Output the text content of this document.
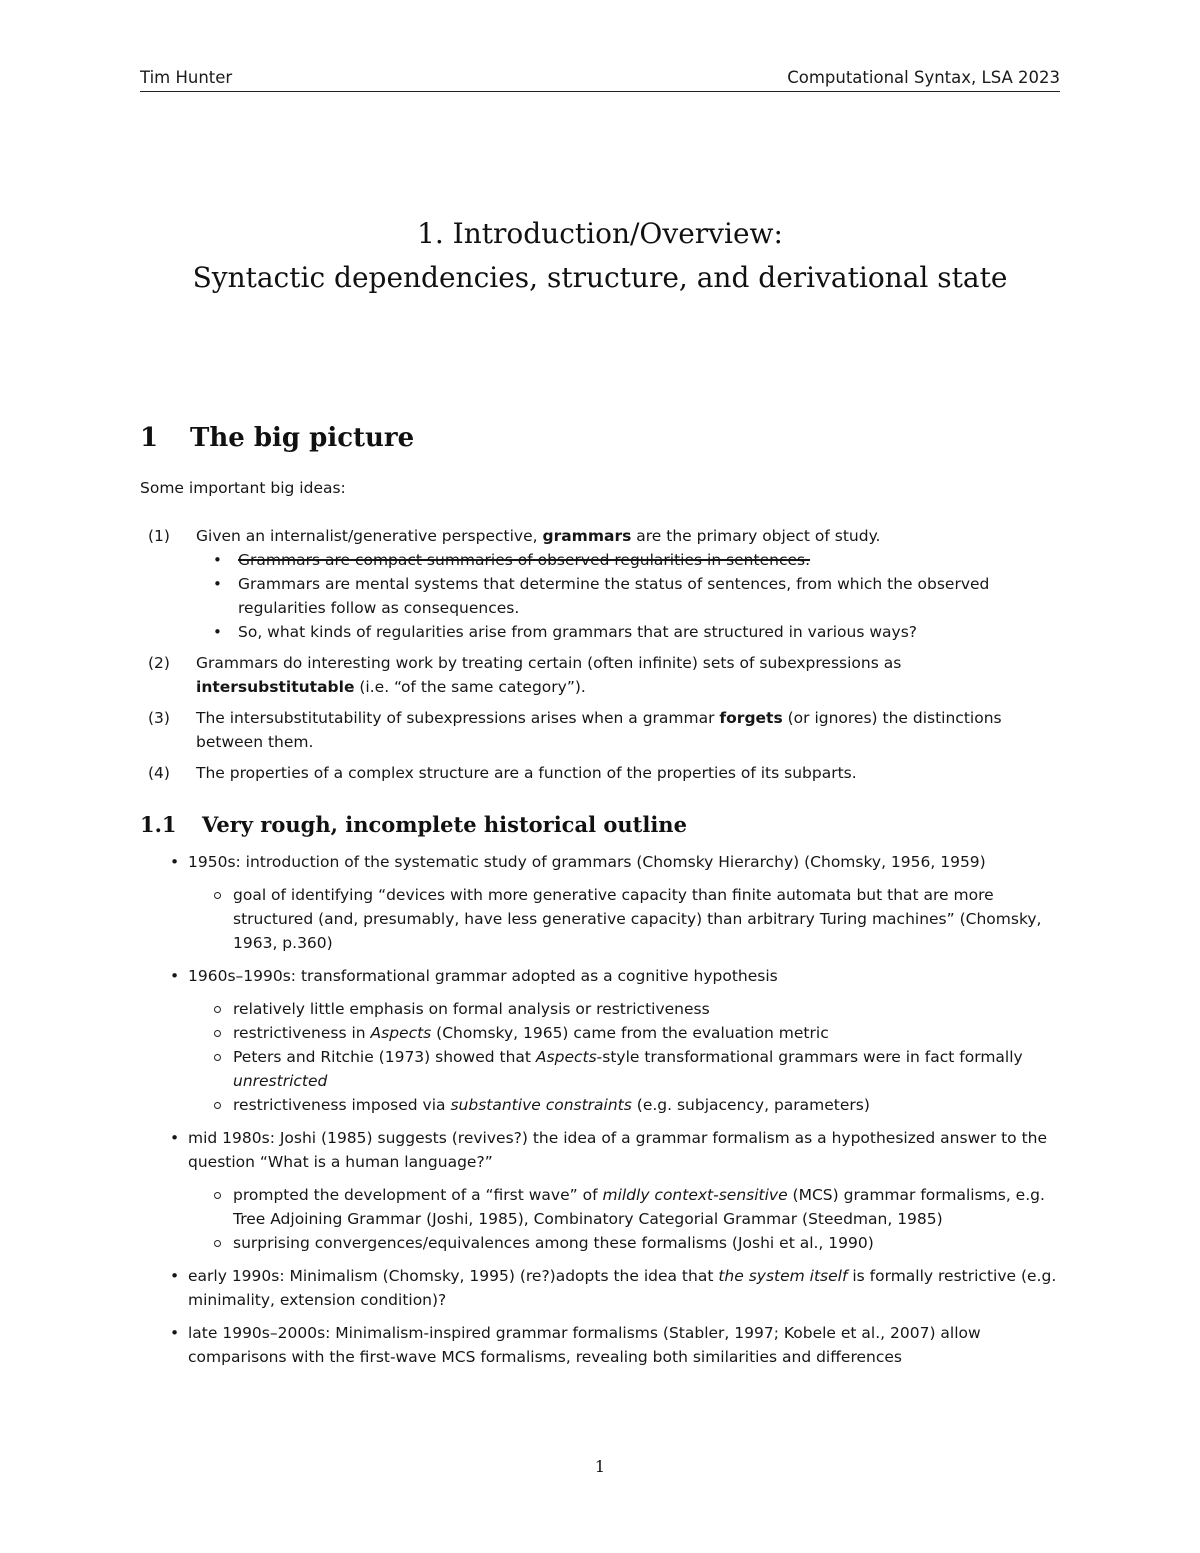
Tim Hunter	Computational Syntax, LSA 2023
1. Introduction/Overview:
Syntactic dependencies, structure, and derivational state
1 The big picture
Some important big ideas:
(1) Given an internalist/generative perspective, grammars are the primary object of study.
• Grammars are compact summaries of observed regularities in sentences.
• Grammars are mental systems that determine the status of sentences, from which the observed regularities follow as consequences.
• So, what kinds of regularities arise from grammars that are structured in various ways?
(2) Grammars do interesting work by treating certain (often infinite) sets of subexpressions as intersubstitutable (i.e. “of the same category”).
(3) The intersubstitutability of subexpressions arises when a grammar forgets (or ignores) the distinctions between them.
(4) The properties of a complex structure are a function of the properties of its subparts.
1.1 Very rough, incomplete historical outline
• 1950s: introduction of the systematic study of grammars (Chomsky Hierarchy) (Chomsky, 1956, 1959)
goal of identifying “devices with more generative capacity than finite automata but that are more structured (and, presumably, have less generative capacity) than arbitrary Turing machines” (Chomsky, 1963, p.360)
• 1960s–1990s: transformational grammar adopted as a cognitive hypothesis
relatively little emphasis on formal analysis or restrictiveness
restrictiveness in Aspects (Chomsky, 1965) came from the evaluation metric
Peters and Ritchie (1973) showed that Aspects-style transformational grammars were in fact formally unrestricted
restrictiveness imposed via substantive constraints (e.g. subjacency, parameters)
• mid 1980s: Joshi (1985) suggests (revives?) the idea of a grammar formalism as a hypothesized answer to the question “What is a human language?”
prompted the development of a “first wave” of mildly context-sensitive (MCS) grammar formalisms, e.g. Tree Adjoining Grammar (Joshi, 1985), Combinatory Categorial Grammar (Steedman, 1985)
surprising convergences/equivalences among these formalisms (Joshi et al., 1990)
• early 1990s: Minimalism (Chomsky, 1995) (re?)adopts the idea that the system itself is formally restrictive (e.g. minimality, extension condition)?
• late 1990s–2000s: Minimalism-inspired grammar formalisms (Stabler, 1997; Kobele et al., 2007) allow comparisons with the first-wave MCS formalisms, revealing both similarities and differences
1
